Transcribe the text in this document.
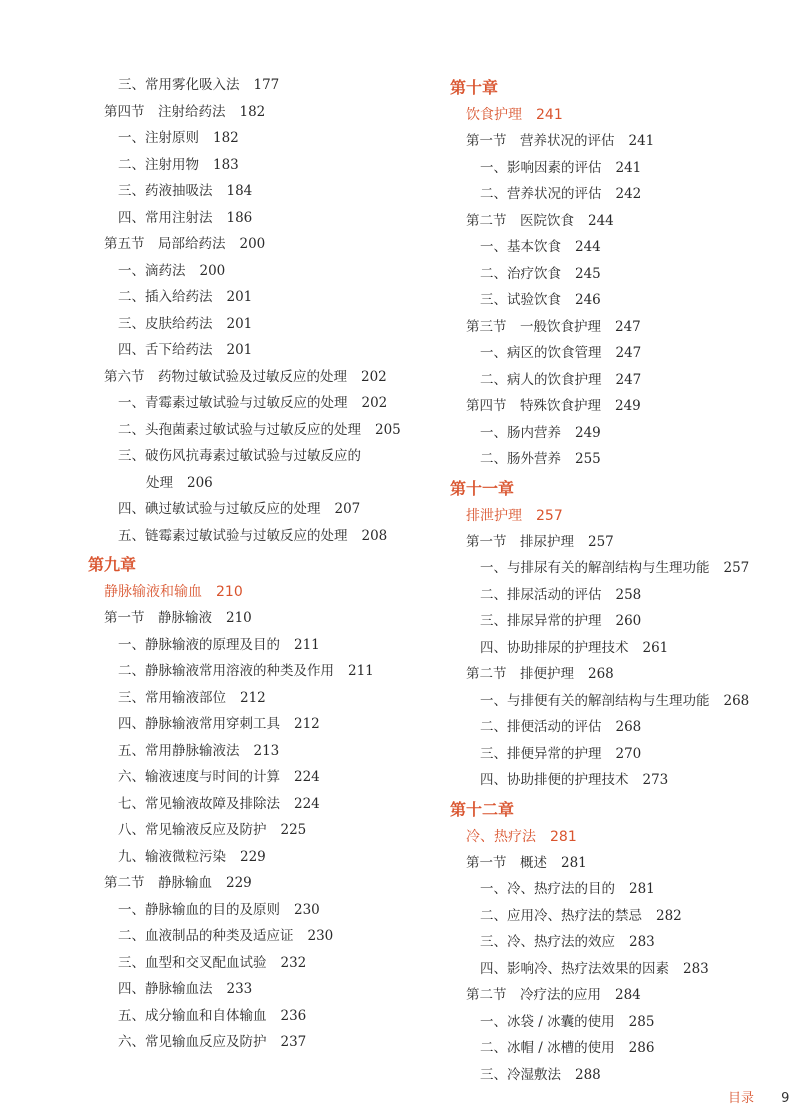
三、常用雾化吸入法 177
第四节　注射给药法 182
一、注射原则 182
二、注射用物 183
三、药液抽吸法 184
四、常用注射法 186
第五节　局部给药法 200
一、滴药法 200
二、插入给药法 201
三、皮肤给药法 201
四、舌下给药法 201
第六节　药物过敏试验及过敏反应的处理 202
一、青霉素过敏试验与过敏反应的处理 202
二、头孢菌素过敏试验与过敏反应的处理 205
三、破伤风抗毒素过敏试验与过敏反应的
处理 206
四、碘过敏试验与过敏反应的处理 207
五、链霉素过敏试验与过敏反应的处理 208
第九章
静脉输液和输血 210
第一节　静脉输液 210
一、静脉输液的原理及目的 211
二、静脉输液常用溶液的种类及作用 211
三、常用输液部位 212
四、静脉输液常用穿刺工具 212
五、常用静脉输液法 213
六、输液速度与时间的计算 224
七、常见输液故障及排除法 224
八、常见输液反应及防护 225
九、输液微粒污染 229
第二节　静脉输血 229
一、静脉输血的目的及原则 230
二、血液制品的种类及适应证 230
三、血型和交叉配血试验 232
四、静脉输血法 233
五、成分输血和自体输血 236
六、常见输血反应及防护 237
第十章
饮食护理 241
第一节　营养状况的评估 241
一、影响因素的评估 241
二、营养状况的评估 242
第二节　医院饮食 244
一、基本饮食 244
二、治疗饮食 245
三、试验饮食 246
第三节　一般饮食护理 247
一、病区的饮食管理 247
二、病人的饮食护理 247
第四节　特殊饮食护理 249
一、肠内营养 249
二、肠外营养 255
第十一章
排泄护理 257
第一节　排尿护理 257
一、与排尿有关的解剖结构与生理功能 257
二、排尿活动的评估 258
三、排尿异常的护理 260
四、协助排尿的护理技术 261
第二节　排便护理 268
一、与排便有关的解剖结构与生理功能 268
二、排便活动的评估 268
三、排便异常的护理 270
四、协助排便的护理技术 273
第十二章
冷、热疗法 281
第一节　概述 281
一、冷、热疗法的目的 281
二、应用冷、热疗法的禁忌 282
三、冷、热疗法的效应 283
四、影响冷、热疗法效果的因素 283
第二节　冷疗法的应用 284
一、冰袋 / 冰囊的使用 285
二、冰帽 / 冰槽的使用 286
三、冷湿敷法 288
目录 9
